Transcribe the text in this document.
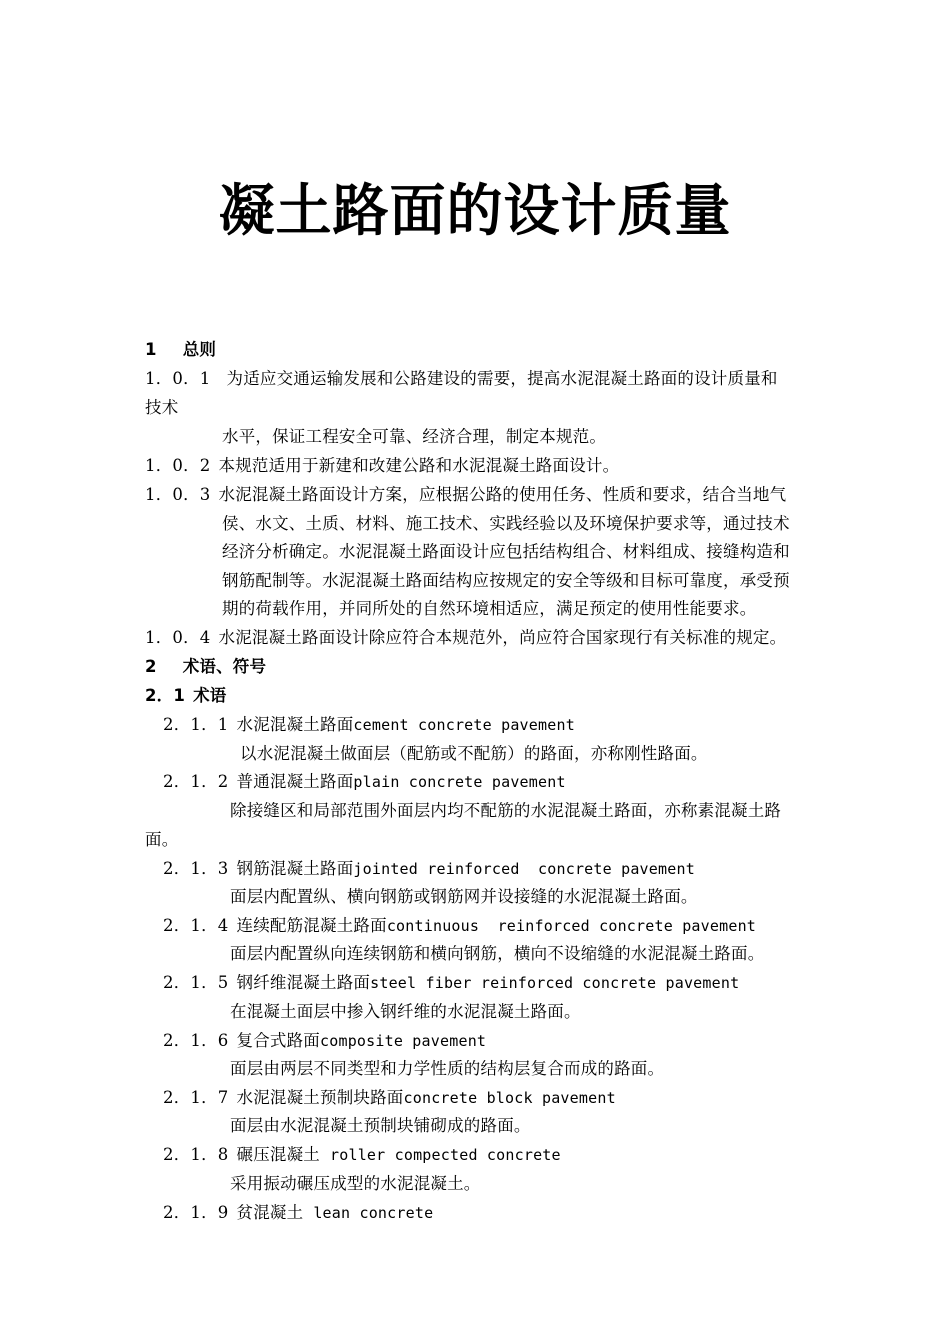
凝土路面的设计质量
1 总则
1．0．1 为适应交通运输发展和公路建设的需要，提高水泥混凝土路面的设计质量和
技术
水平，保证工程安全可靠、经济合理，制定本规范。
1．0．2 本规范适用于新建和改建公路和水泥混凝土路面设计。
1．0．3 水泥混凝土路面设计方案，应根据公路的使用任务、性质和要求，结合当地气
侯、水文、土质、材料、施工技术、实践经验以及环境保护要求等，通过技术
经济分析确定。水泥混凝土路面设计应包括结构组合、材料组成、接缝构造和
钢筋配制等。水泥混凝土路面结构应按规定的安全等级和目标可靠度，承受预
期的荷载作用，并同所处的自然环境相适应，满足预定的使用性能要求。
1．0．4 水泥混凝土路面设计除应符合本规范外，尚应符合国家现行有关标准的规定。
2 术语、符号
2．1 术语
2．1．1 水泥混凝土路面cement concrete pavement
以水泥混凝土做面层（配筋或不配筋）的路面，亦称刚性路面。
2．1．2 普通混凝土路面plain concrete pavement
除接缝区和局部范围外面层内均不配筋的水泥混凝土路面，亦称素混凝土路
面。
2．1．3 钢筋混凝土路面jointed reinforced  concrete pavement
面层内配置纵、横向钢筋或钢筋网并设接缝的水泥混凝土路面。
2．1．4 连续配筋混凝土路面continuous  reinforced concrete pavement
面层内配置纵向连续钢筋和横向钢筋，横向不设缩缝的水泥混凝土路面。
2．1．5 钢纤维混凝土路面steel fiber reinforced concrete pavement
在混凝土面层中掺入钢纤维的水泥混凝土路面。
2．1．6 复合式路面composite pavement
面层由两层不同类型和力学性质的结构层复合而成的路面。
2．1．7 水泥混凝土预制块路面concrete block pavement
面层由水泥混凝土预制块铺砌成的路面。
2．1．8 碾压混凝土 roller compected concrete
采用振动碾压成型的水泥混凝土。
2．1．9 贫混凝土 lean concrete
